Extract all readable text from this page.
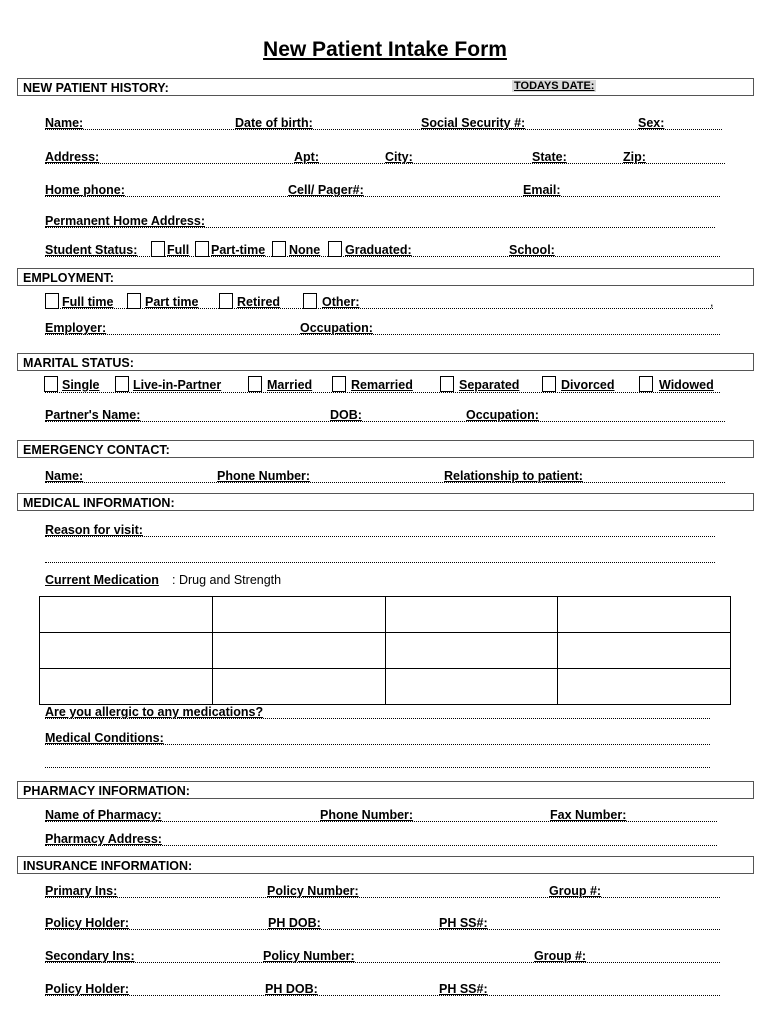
New Patient Intake Form
NEW PATIENT HISTORY:	TODAYS DATE:
Name:	Date of birth:	Social Security #:	Sex:
Address:	Apt:	City:	State:	Zip:
Home phone:	Cell/ Pager#:	Email:
Permanent Home Address:
Student Status: Full Part-time None Graduated:	School:
EMPLOYMENT:
Full time	Part time	Retired	Other:	,
Employer:	Occupation:
MARITAL STATUS:
Single	Live-in-Partner	Married	Remarried	Separated	Divorced	Widowed
Partner's Name:	DOB:	Occupation:
EMERGENCY CONTACT:
Name:	Phone Number:	Relationship to patient:
MEDICAL INFORMATION:
Reason for visit:
Current Medication : Drug and Strength

Are you allergic to any medications?
Medical Conditions:
PHARMACY INFORMATION:
Name of Pharmacy:	Phone Number:	Fax Number:
Pharmacy Address:
INSURANCE INFORMATION:
Primary Ins:	Policy Number:	Group #:
Policy Holder:	PH DOB:	PH SS#:
Secondary Ins:	Policy Number:	Group #:
Policy Holder:	PH DOB:	PH SS#:
